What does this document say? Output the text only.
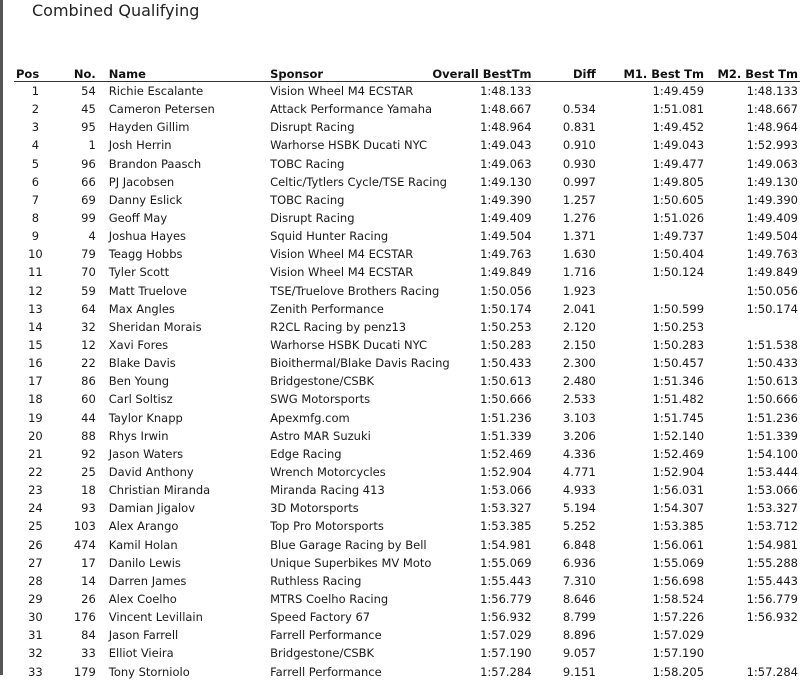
Combined Qualifying
Pos	No.	Name	Sponsor	Overall BestTm	Diff	M1. Best Tm	M2. Best Tm
1	54	Richie Escalante	Vision Wheel M4 ECSTAR	1:48.133		1:49.459	1:48.133
2	45	Cameron Petersen	Attack Performance Yamaha	1:48.667	0.534	1:51.081	1:48.667
3	95	Hayden Gillim	Disrupt Racing	1:48.964	0.831	1:49.452	1:48.964
4	1	Josh Herrin	Warhorse HSBK Ducati NYC	1:49.043	0.910	1:49.043	1:52.993
5	96	Brandon Paasch	TOBC Racing	1:49.063	0.930	1:49.477	1:49.063
6	66	PJ Jacobsen	Celtic/Tytlers Cycle/TSE Racing	1:49.130	0.997	1:49.805	1:49.130
7	69	Danny Eslick	TOBC Racing	1:49.390	1.257	1:50.605	1:49.390
8	99	Geoff May	Disrupt Racing	1:49.409	1.276	1:51.026	1:49.409
9	4	Joshua Hayes	Squid Hunter Racing	1:49.504	1.371	1:49.737	1:49.504
10	79	Teagg Hobbs	Vision Wheel M4 ECSTAR	1:49.763	1.630	1:50.404	1:49.763
11	70	Tyler Scott	Vision Wheel M4 ECSTAR	1:49.849	1.716	1:50.124	1:49.849
12	59	Matt Truelove	TSE/Truelove Brothers Racing	1:50.056	1.923		1:50.056
13	64	Max Angles	Zenith Performance	1:50.174	2.041	1:50.599	1:50.174
14	32	Sheridan Morais	R2CL Racing by penz13	1:50.253	2.120	1:50.253	
15	12	Xavi Fores	Warhorse HSBK Ducati NYC	1:50.283	2.150	1:50.283	1:51.538
16	22	Blake Davis	Bioithermal/Blake Davis Racing	1:50.433	2.300	1:50.457	1:50.433
17	86	Ben Young	Bridgestone/CSBK	1:50.613	2.480	1:51.346	1:50.613
18	60	Carl Soltisz	SWG Motorsports	1:50.666	2.533	1:51.482	1:50.666
19	44	Taylor Knapp	Apexmfg.com	1:51.236	3.103	1:51.745	1:51.236
20	88	Rhys Irwin	Astro MAR Suzuki	1:51.339	3.206	1:52.140	1:51.339
21	92	Jason Waters	Edge Racing	1:52.469	4.336	1:52.469	1:54.100
22	25	David Anthony	Wrench Motorcycles	1:52.904	4.771	1:52.904	1:53.444
23	18	Christian Miranda	Miranda Racing 413	1:53.066	4.933	1:56.031	1:53.066
24	93	Damian Jigalov	3D Motorsports	1:53.327	5.194	1:54.307	1:53.327
25	103	Alex Arango	Top Pro Motorsports	1:53.385	5.252	1:53.385	1:53.712
26	474	Kamil Holan	Blue Garage Racing by Bell	1:54.981	6.848	1:56.061	1:54.981
27	17	Danilo Lewis	Unique Superbikes MV Moto	1:55.069	6.936	1:55.069	1:55.288
28	14	Darren James	Ruthless Racing	1:55.443	7.310	1:56.698	1:55.443
29	26	Alex Coelho	MTRS Coelho Racing	1:56.779	8.646	1:58.524	1:56.779
30	176	Vincent Levillain	Speed Factory 67	1:56.932	8.799	1:57.226	1:56.932
31	84	Jason Farrell	Farrell Performance	1:57.029	8.896	1:57.029	
32	33	Elliot Vieira	Bridgestone/CSBK	1:57.190	9.057	1:57.190	
33	179	Tony Storniolo	Farrell Performance	1:57.284	9.151	1:58.205	1:57.284
